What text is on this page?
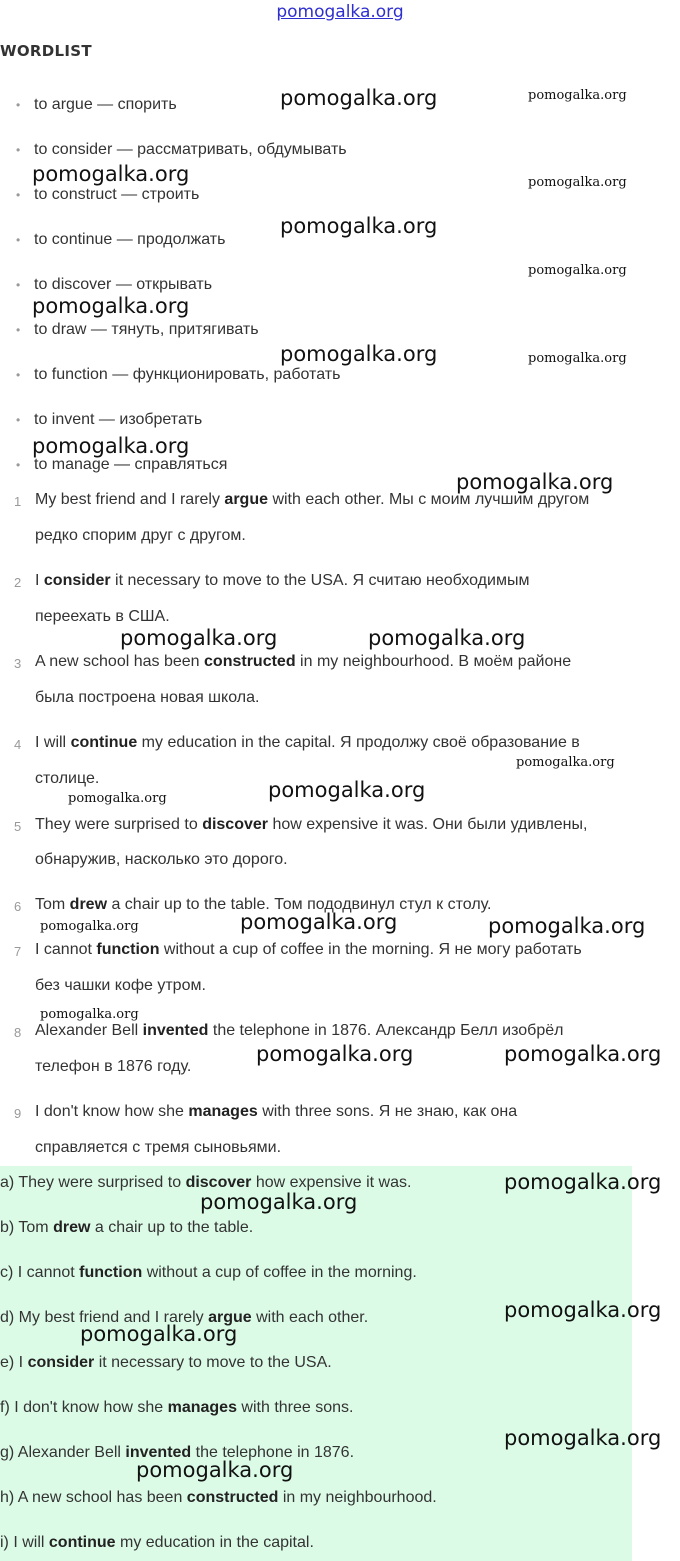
pomogalka.org
WORDLIST
• to argue — спорить
• to consider — рассматривать, обдумывать
• to construct — строить
• to continue — продолжать
• to discover — открывать
• to draw — тянуть, притягивать
• to function — функционировать, работать
• to invent — изобретать
• to manage — справляться
1 My best friend and I rarely argue with each other. Мы с моим лучшим другом
редко спорим друг с другом.
2 I consider it necessary to move to the USA. Я считаю необходимым
переехать в США.
3 A new school has been constructed in my neighbourhood. В моём районе
была построена новая школа.
4 I will continue my education in the capital. Я продолжу своё образование в
столице.
5 They were surprised to discover how expensive it was. Они были удивлены,
обнаружив, насколько это дорого.
6 Tom drew a chair up to the table. Том пододвинул стул к столу.
7 I cannot function without a cup of coffee in the morning. Я не могу работать
без чашки кофе утром.
8 Alexander Bell invented the telephone in 1876. Александр Белл изобрёл
телефон в 1876 году.
9 I don't know how she manages with three sons. Я не знаю, как она
справляется с тремя сыновьями.
a) They were surprised to discover how expensive it was.
b) Tom drew a chair up to the table.
c) I cannot function without a cup of coffee in the morning.
d) My best friend and I rarely argue with each other.
e) I consider it necessary to move to the USA.
f) I don't know how she manages with three sons.
g) Alexander Bell invented the telephone in 1876.
h) A new school has been constructed in my neighbourhood.
i) I will continue my education in the capital.
pomogalka.org	pomogalka.org
pomogalka.org	pomogalka.org
pomogalka.org
pomogalka.org
pomogalka.org
pomogalka.org	pomogalka.org
pomogalka.org
pomogalka.org
pomogalka.org	pomogalka.org
pomogalka.org
pomogalka.org
pomogalka.org
pomogalka.org
pomogalka.org	pomogalka.org
pomogalka.org
pomogalka.org	pomogalka.org
pomogalka.org
pomogalka.org
pomogalka.org
pomogalka.org
pomogalka.org
pomogalka.org
